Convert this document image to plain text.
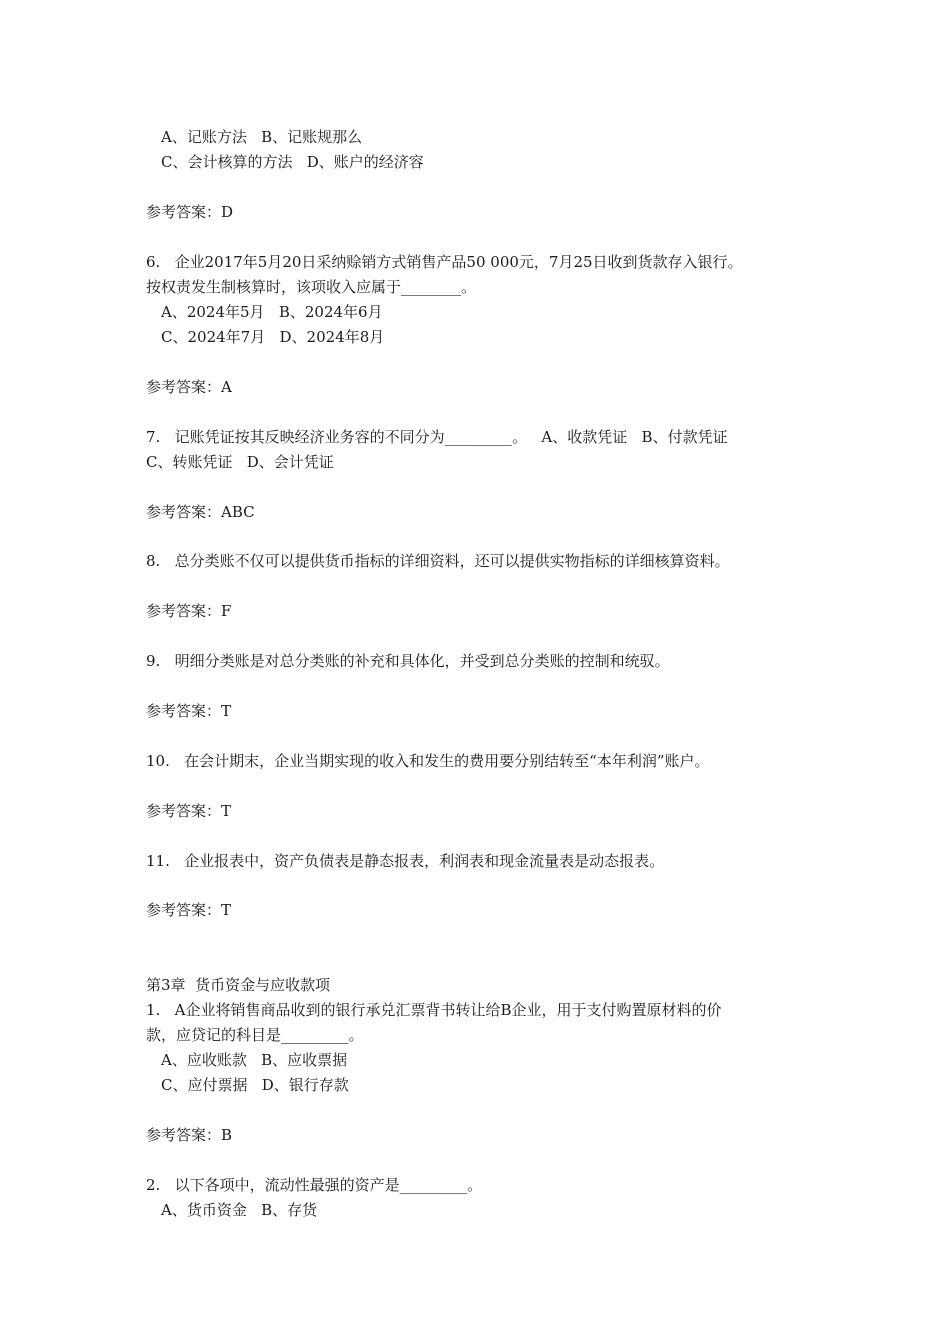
A、记账方法   B、记账规那么
C、会计核算的方法   D、账户的经济容
参考答案：D
6.   企业2017年5月20日采纳赊销方式销售产品50 000元，7月25日收到货款存入银行。
按权责发生制核算时，该项收入应属于________。
A、2024年5月   B、2024年6月
C、2024年7月   D、2024年8月
参考答案：A
7.   记账凭证按其反映经济业务容的不同分为_________。   A、收款凭证   B、付款凭证
C、转账凭证   D、会计凭证
参考答案：ABC
8.   总分类账不仅可以提供货币指标的详细资料，还可以提供实物指标的详细核算资料。
参考答案：F
9.   明细分类账是对总分类账的补充和具体化，并受到总分类账的控制和统驭。
参考答案：T
10.   在会计期末，企业当期实现的收入和发生的费用要分别结转至“本年利润”账户。
参考答案：T
11.   企业报表中，资产负债表是静态报表，利润表和现金流量表是动态报表。
参考答案：T
第3章  货币资金与应收款项
1.   A企业将销售商品收到的银行承兑汇票背书转让给B企业，用于支付购置原材料的价
款，应贷记的科目是_________。
A、应收账款   B、应收票据
C、应付票据   D、银行存款
参考答案：B
2.   以下各项中，流动性最强的资产是_________。
A、货币资金   B、存货
